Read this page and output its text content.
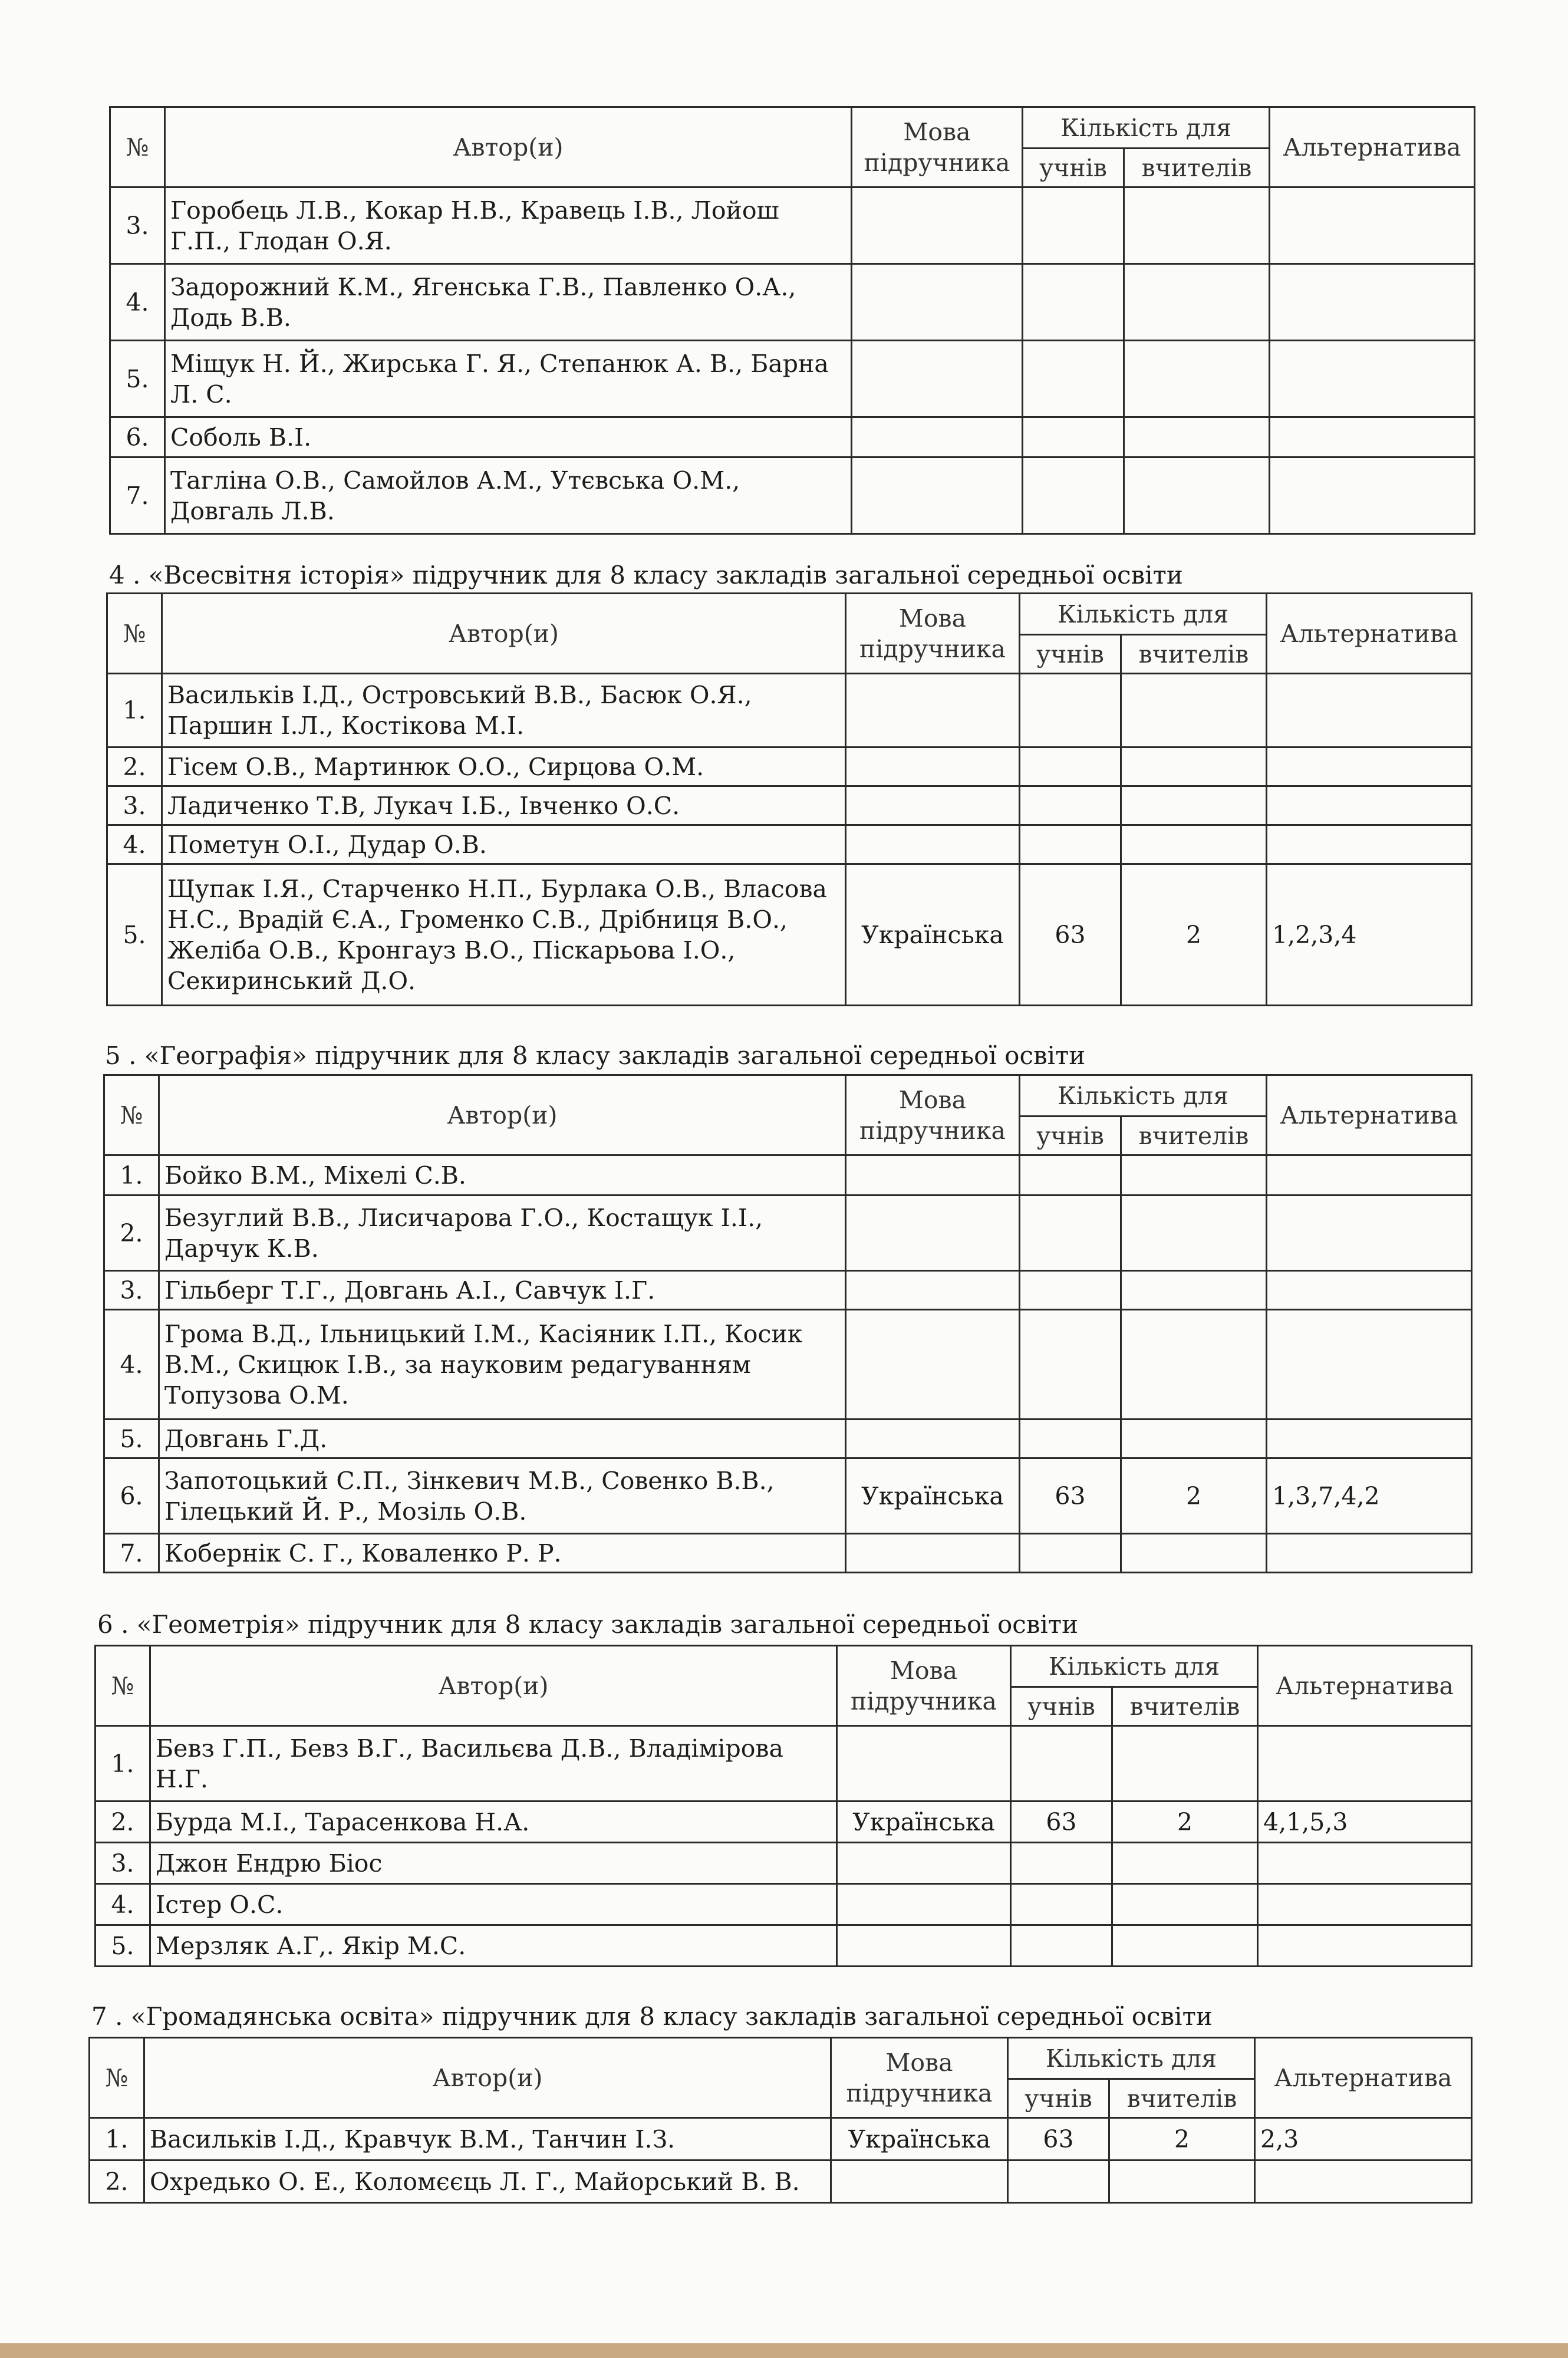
№	Автор(и)	Мова підручника	Кількість для		Альтернатива
			учнів	вчителів	
3.	Горобець Л.В., Кокар Н.В., Кравець І.В., Лойош Г.П., Глодан О.Я.				
4.	Задорожний К.М., Ягенська Г.В., Павленко О.А., Додь В.В.				
5.	Міщук Н. Й., Жирська Г. Я., Степанюк А. В., Барна Л. С.				
6.	Соболь В.І.				
7.	Тагліна О.В., Самойлов А.М., Утєвська О.М., Довгаль Л.В.				
4 . «Всесвітня історія» підручник для 8 класу закладів загальної середньої освіти
№	Автор(и)	Мова підручника	Кількість для		Альтернатива
			учнів	вчителів	
1.	Васильків І.Д., Островський В.В., Басюк О.Я., Паршин І.Л., Костікова М.І.				
2.	Гісем О.В., Мартинюк О.О., Сирцова О.М.				
3.	Ладиченко Т.В, Лукач І.Б., Івченко О.С.				
4.	Пометун О.І., Дудар О.В.				
5.	Щупак І.Я., Старченко Н.П., Бурлака О.В., Власова Н.С., Врадій Є.А., Громенко С.В., Дрібниця В.О., Желіба О.В., Кронгауз В.О., Піскарьова І.О., Секиринський Д.О.	Українська	63	2	1,2,3,4
5 . «Географія» підручник для 8 класу закладів загальної середньої освіти
№	Автор(и)	Мова підручника	Кількість для		Альтернатива
			учнів	вчителів	
1.	Бойко В.М., Міхелі С.В.				
2.	Безуглий В.В., Лисичарова Г.О., Костащук І.І., Дарчук К.В.				
3.	Гільберг Т.Г., Довгань А.І., Савчук І.Г.				
4.	Грома В.Д., Ільницький І.М., Касіяник І.П., Косик В.М., Скицюк І.В., за науковим редагуванням Топузова О.М.				
5.	Довгань Г.Д.				
6.	Запотоцький С.П., Зінкевич М.В., Совенко В.В., Гілецький Й. Р., Мозіль О.В.	Українська	63	2	1,3,7,4,2
7.	Кобернік С. Г., Коваленко Р. Р.				
6 . «Геометрія» підручник для 8 класу закладів загальної середньої освіти
№	Автор(и)	Мова підручника	Кількість для		Альтернатива
			учнів	вчителів	
1.	Бевз Г.П., Бевз В.Г., Васильєва Д.В., Владімірова Н.Г.				
2.	Бурда М.І., Тарасенкова Н.А.	Українська	63	2	4,1,5,3
3.	Джон Ендрю Біос				
4.	Істер О.С.				
5.	Мерзляк А.Г,. Якір М.С.				
7 . «Громадянська освіта» підручник для 8 класу закладів загальної середньої освіти
№	Автор(и)	Мова підручника	Кількість для		Альтернатива
			учнів	вчителів	
1.	Васильків І.Д., Кравчук В.М., Танчин І.З.	Українська	63	2	2,3
2.	Охредько О. Е., Коломєєць Л. Г., Майорський В. В.				
